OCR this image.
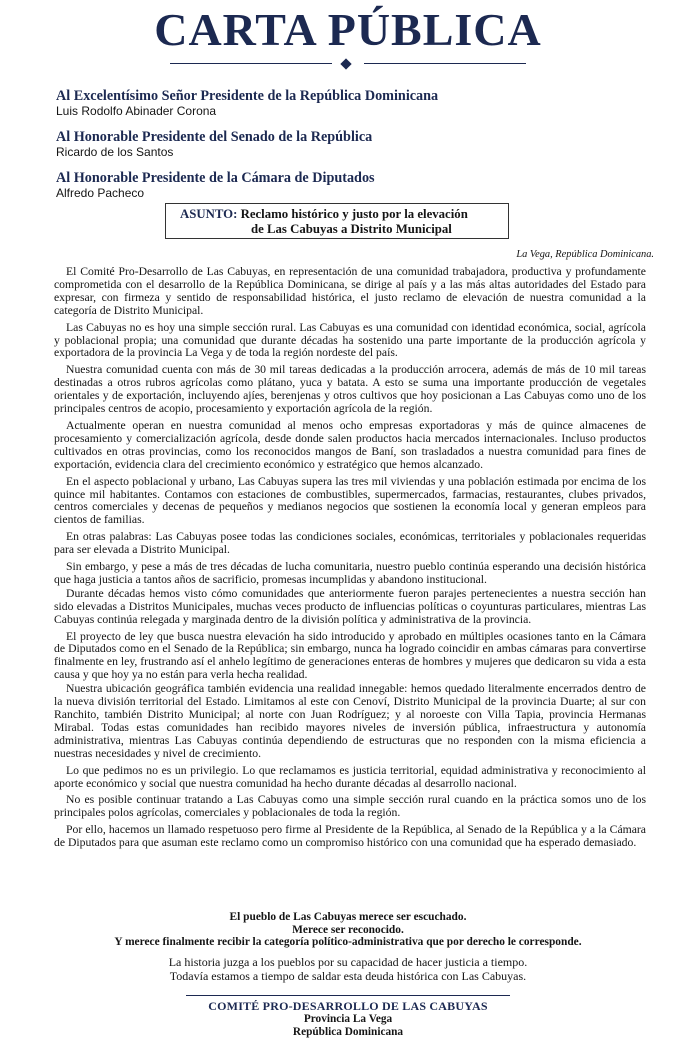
CARTA PÚBLICA
Al Excelentísimo Señor Presidente de la República Dominicana
Luis Rodolfo Abinader Corona
Al Honorable Presidente del Senado de la República
Ricardo de los Santos
Al Honorable Presidente de la Cámara de Diputados
Alfredo Pacheco
ASUNTO: Reclamo histórico y justo por la elevación
de Las Cabuyas a Distrito Municipal
La Vega, República Dominicana.

El Comité Pro-Desarrollo de Las Cabuyas, en representación de una comunidad trabajadora, productiva y profundamente comprometida con el desarrollo de la República Dominicana, se dirige al país y a las más altas autoridades del Estado para expresar, con firmeza y sentido de responsabilidad histórica, el justo reclamo de elevación de nuestra comunidad a la categoría de Distrito Municipal.

Las Cabuyas no es hoy una simple sección rural. Las Cabuyas es una comunidad con identidad económica, social, agrícola y poblacional propia; una comunidad que durante décadas ha sostenido una parte importante de la producción agrícola y exportadora de la provincia La Vega y de toda la región nordeste del país.

Nuestra comunidad cuenta con más de 30 mil tareas dedicadas a la producción arrocera, además de más de 10 mil tareas destinadas a otros rubros agrícolas como plátano, yuca y batata. A esto se suma una importante producción de vegetales orientales y de exportación, incluyendo ajíes, berenjenas y otros cultivos que hoy posicionan a Las Cabuyas como uno de los principales centros de acopio, procesamiento y exportación agrícola de la región.

Actualmente operan en nuestra comunidad al menos ocho empresas exportadoras y más de quince almacenes de procesamiento y comercialización agrícola, desde donde salen productos hacia mercados internacionales. Incluso productos cultivados en otras provincias, como los reconocidos mangos de Baní, son trasladados a nuestra comunidad para fines de exportación, evidencia clara del crecimiento económico y estratégico que hemos alcanzado.

En el aspecto poblacional y urbano, Las Cabuyas supera las tres mil viviendas y una población estimada por encima de los quince mil habitantes. Contamos con estaciones de combustibles, supermercados, farmacias, restaurantes, clubes privados, centros comerciales y decenas de pequeños y medianos negocios que sostienen la economía local y generan empleos para cientos de familias.

En otras palabras: Las Cabuyas posee todas las condiciones sociales, económicas, territoriales y poblacionales requeridas para ser elevada a Distrito Municipal.

Sin embargo, y pese a más de tres décadas de lucha comunitaria, nuestro pueblo continúa esperando una decisión histórica que haga justicia a tantos años de sacrificio, promesas incumplidas y abandono institucional.

Durante décadas hemos visto cómo comunidades que anteriormente fueron parajes pertenecientes a nuestra sección han sido elevadas a Distritos Municipales, muchas veces producto de influencias políticas o coyunturas particulares, mientras Las Cabuyas continúa relegada y marginada dentro de la división política y administrativa de la provincia.

El proyecto de ley que busca nuestra elevación ha sido introducido y aprobado en múltiples ocasiones tanto en la Cámara de Diputados como en el Senado de la República; sin embargo, nunca ha logrado coincidir en ambas cámaras para convertirse finalmente en ley, frustrando así el anhelo legítimo de generaciones enteras de hombres y mujeres que dedicaron su vida a esta causa y que hoy ya no están para verla hecha realidad.

Nuestra ubicación geográfica también evidencia una realidad innegable: hemos quedado literalmente encerrados dentro de la nueva división territorial del Estado. Limitamos al este con Cenoví, Distrito Municipal de la provincia Duarte; al sur con Ranchito, también Distrito Municipal; al norte con Juan Rodríguez; y al noroeste con Villa Tapia, provincia Hermanas Mirabal. Todas estas comunidades han recibido mayores niveles de inversión pública, infraestructura y autonomía administrativa, mientras Las Cabuyas continúa dependiendo de estructuras que no responden con la misma eficiencia a nuestras necesidades y nivel de crecimiento.

Lo que pedimos no es un privilegio. Lo que reclamamos es justicia territorial, equidad administrativa y reconocimiento al aporte económico y social que nuestra comunidad ha hecho durante décadas al desarrollo nacional.

No es posible continuar tratando a Las Cabuyas como una simple sección rural cuando en la práctica somos uno de los principales polos agrícolas, comerciales y poblacionales de toda la región.

Por ello, hacemos un llamado respetuoso pero firme al Presidente de la República, al Senado de la República y a la Cámara de Diputados para que asuman este reclamo como un compromiso histórico con una comunidad que ha esperado demasiado.

El pueblo de Las Cabuyas merece ser escuchado.
Merece ser reconocido.
Y merece finalmente recibir la categoría político-administrativa que por derecho le corresponde.
La historia juzga a los pueblos por su capacidad de hacer justicia a tiempo.
Todavía estamos a tiempo de saldar esta deuda histórica con Las Cabuyas.
COMITÉ PRO-DESARROLLO DE LAS CABUYAS
Provincia La Vega
República Dominicana
